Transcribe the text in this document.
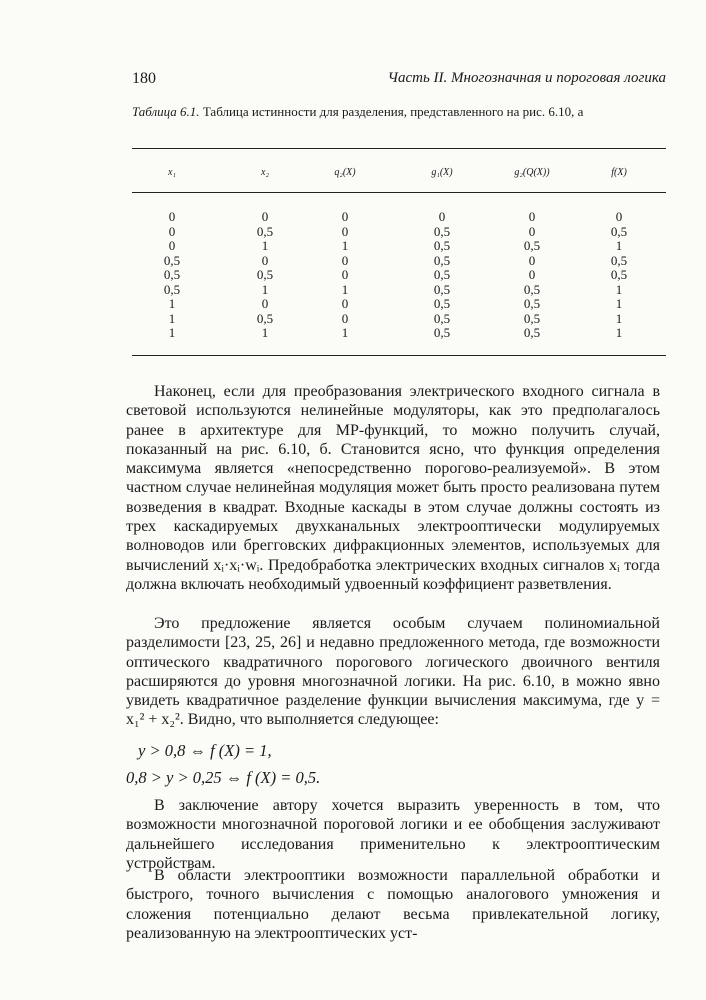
180	Часть II. Многозначная и пороговая логика
Таблица 6.1. Таблица истинности для разделения, представленного на рис. 6.10, а
x₁	x₂	q₂(X)	g₁(X)	g₂(Q(X))	f(X)
0	0	0	0	0	0
0	0,5	0	0,5	0	0,5
0	1	1	0,5	0,5	1
0,5	0	0	0,5	0	0,5
0,5	0,5	0	0,5	0	0,5
0,5	1	1	0,5	0,5	1
1	0	0	0,5	0,5	1
1	0,5	0	0,5	0,5	1
1	1	1	0,5	0,5	1
Наконец, если для преобразования электрического входного сигнала в световой используются нелинейные модуляторы, как это предполагалось ранее в архитектуре для MP-функций, то можно получить случай, показанный на рис. 6.10, б. Становится ясно, что функция определения максимума является «непосредственно порогово-реализуемой». В этом частном случае нелинейная модуляция может быть просто реализована путем возведения в квадрат. Входные каскады в этом случае должны состоять из трех каскадируемых двухканальных электрооптически модулируемых волноводов или брегговских дифракционных элементов, используемых для вычислений xᵢ·xᵢ·wᵢ. Предобработка электрических входных сигналов xᵢ тогда должна включать необходимый удвоенный коэффициент разветвления.
Это предложение является особым случаем полиномиальной разделимости [23, 25, 26] и недавно предложенного метода, где возможности оптического квадратичного порогового логического двоичного вентиля расширяются до уровня многозначной логики. На рис. 6.10, в можно явно увидеть квадратичное разделение функции вычисления максимума, где y = x₁² + x₂². Видно, что выполняется следующее:
y > 0,8 ⇔ f (X) = 1,
0,8 > y > 0,25 ⇔ f (X) = 0,5.
В заключение автору хочется выразить уверенность в том, что возможности многозначной пороговой логики и ее обобщения заслуживают дальнейшего исследования применительно к электрооптическим устройствам.
В области электрооптики возможности параллельной обработки и быстрого, точного вычисления с помощью аналогового умножения и сложения потенциально делают весьма привлекательной логику, реализованную на электрооптических уст-
